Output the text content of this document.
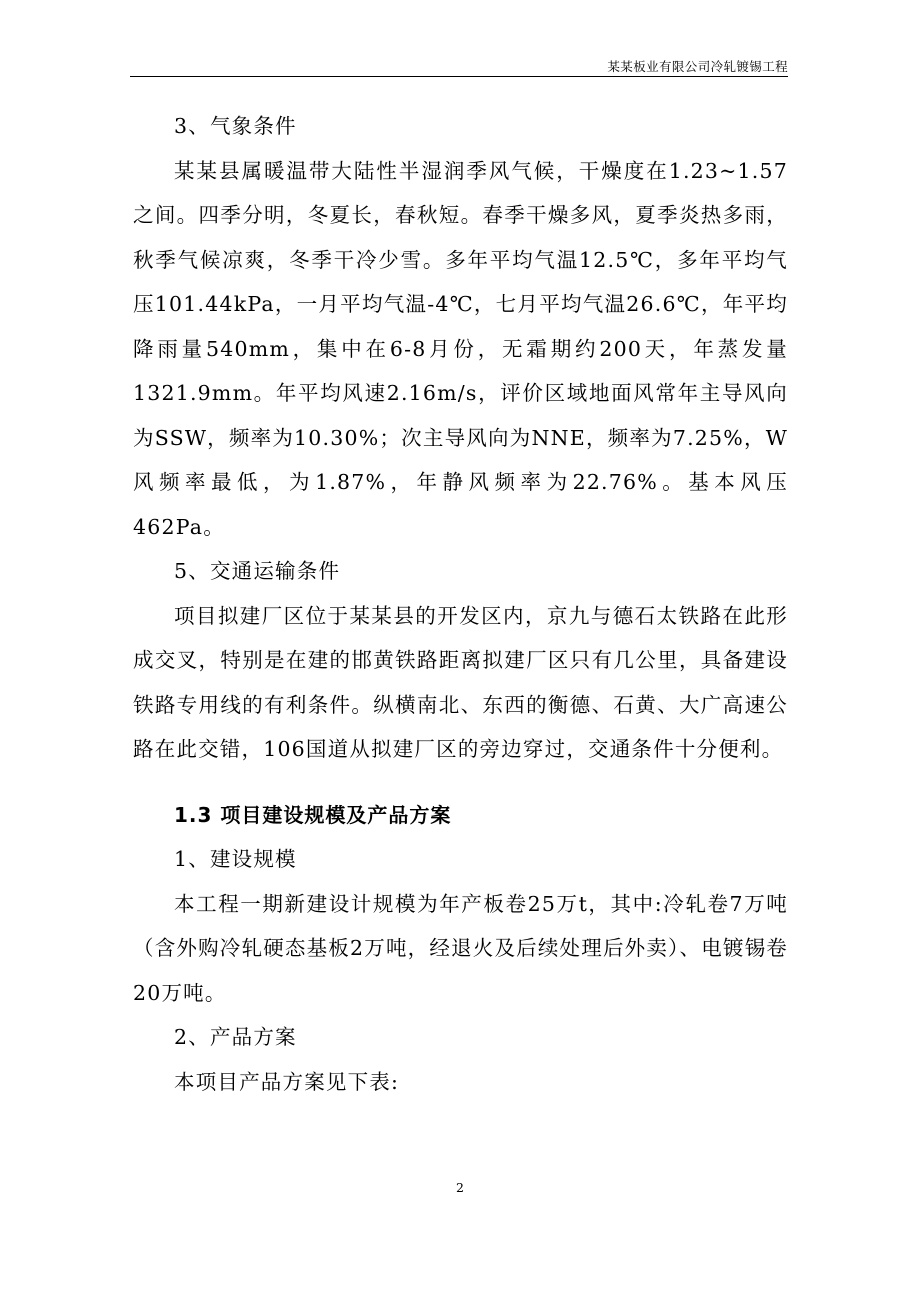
某某板业有限公司冷轧镀锡工程

3、气象条件

某某县属暖温带大陆性半湿润季风气候，干燥度在1.23~1.57之间。四季分明，冬夏长，春秋短。春季干燥多风，夏季炎热多雨，秋季气候凉爽，冬季干冷少雪。多年平均气温12.5℃，多年平均气压101.44kPa，一月平均气温-4℃，七月平均气温26.6℃，年平均降雨量540mm，集中在6-8月份，无霜期约200天，年蒸发量1321.9mm。年平均风速2.16m/s，评价区域地面风常年主导风向为SSW，频率为10.30%；次主导风向为NNE，频率为7.25%，W风频率最低，为1.87%，年静风频率为22.76%。基本风压462Pa。

5、交通运输条件

项目拟建厂区位于某某县的开发区内，京九与德石太铁路在此形成交叉，特别是在建的邯黄铁路距离拟建厂区只有几公里，具备建设铁路专用线的有利条件。纵横南北、东西的衡德、石黄、大广高速公路在此交错，106国道从拟建厂区的旁边穿过，交通条件十分便利。

1.3 项目建设规模及产品方案

1、建设规模

本工程一期新建设计规模为年产板卷25万t，其中:冷轧卷7万吨（含外购冷轧硬态基板2万吨，经退火及后续处理后外卖）、电镀锡卷20万吨。

2、产品方案

本项目产品方案见下表:

2
